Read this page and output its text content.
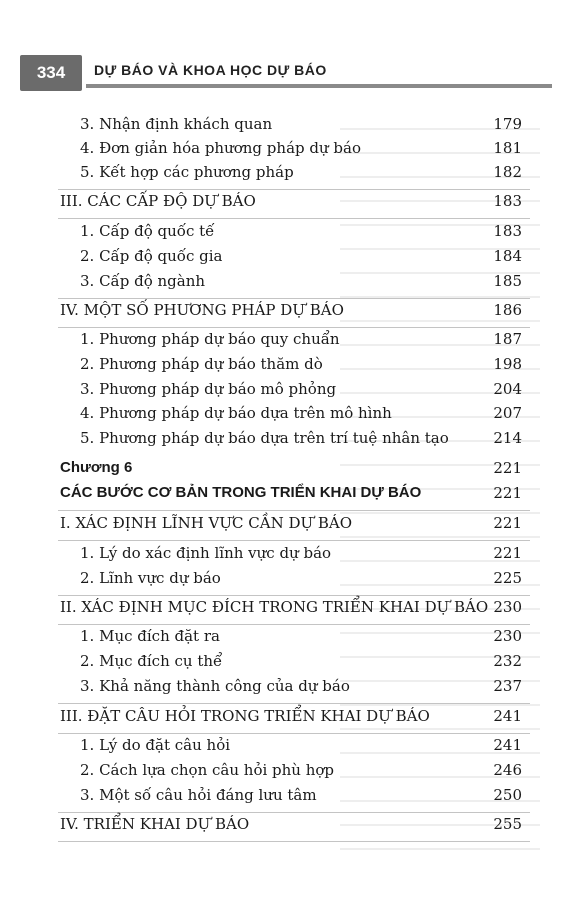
334	DỰ BÁO VÀ KHOA HỌC DỰ BÁO
3. Nhận định khách quan	179
4. Đơn giản hóa phương pháp dự báo	181
5. Kết hợp các phương pháp	182
III. CÁC CẤP ĐỘ DỰ BÁO	183
1. Cấp độ quốc tế	183
2. Cấp độ quốc gia	184
3. Cấp độ ngành	185
IV. MỘT SỐ PHƯƠNG PHÁP DỰ BÁO	186
1. Phương pháp dự báo quy chuẩn	187
2. Phương pháp dự báo thăm dò	198
3. Phương pháp dự báo mô phỏng	204
4. Phương pháp dự báo dựa trên mô hình	207
5. Phương pháp dự báo dựa trên trí tuệ nhân tạo	214
Chương 6	221
CÁC BƯỚC CƠ BẢN TRONG TRIỂN KHAI DỰ BÁO	221
I. XÁC ĐỊNH LĨNH VỰC CẦN DỰ BÁO	221
1. Lý do xác định lĩnh vực dự báo	221
2. Lĩnh vực dự báo	225
II. XÁC ĐỊNH MỤC ĐÍCH TRONG TRIỂN KHAI DỰ BÁO 230
1. Mục đích đặt ra	230
2. Mục đích cụ thể	232
3. Khả năng thành công của dự báo	237
III. ĐẶT CÂU HỎI TRONG TRIỂN KHAI DỰ BÁO	241
1. Lý do đặt câu hỏi	241
2. Cách lựa chọn câu hỏi phù hợp	246
3. Một số câu hỏi đáng lưu tâm	250
IV. TRIỂN KHAI DỰ BÁO	255
